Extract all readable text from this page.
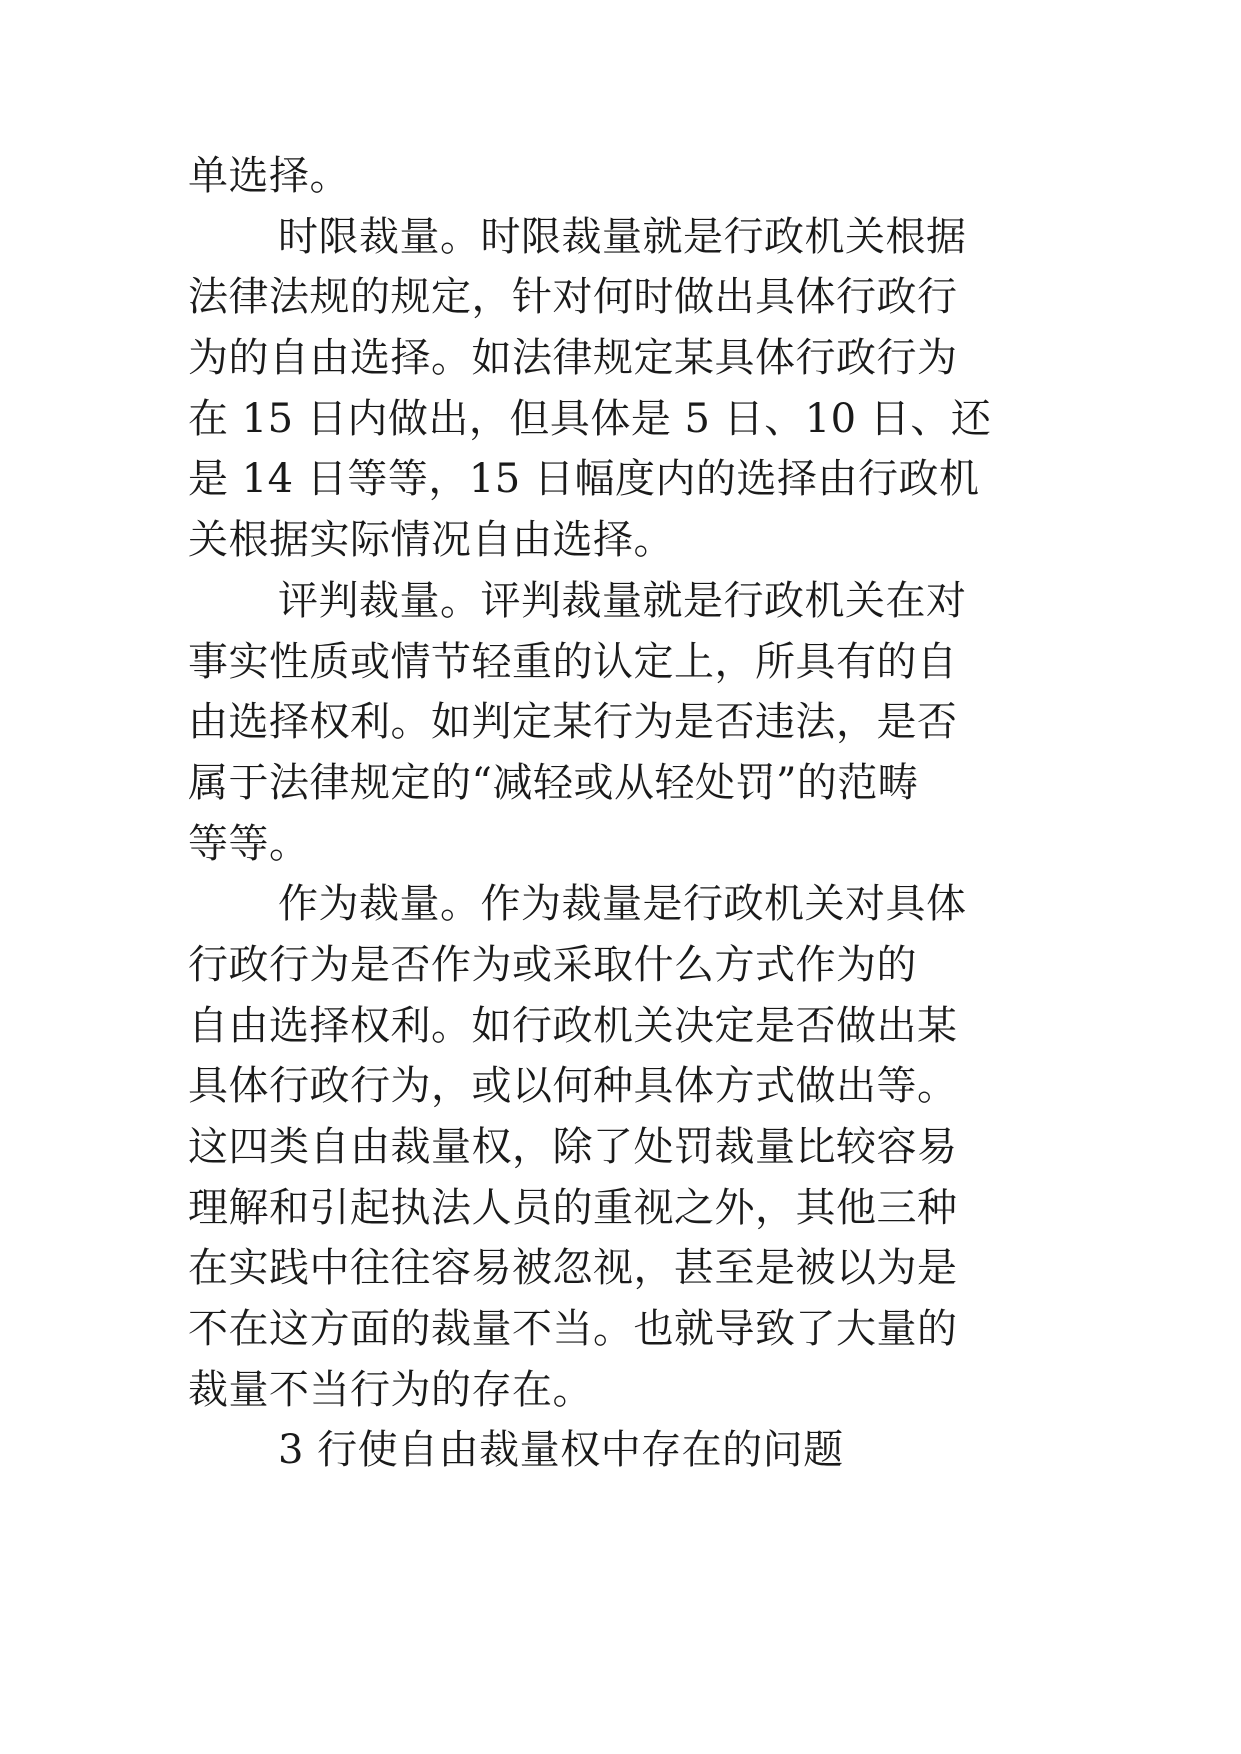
单选择。
时限裁量。时限裁量就是行政机关根据
法律法规的规定，针对何时做出具体行政行
为的自由选择。如法律规定某具体行政行为
在 15 日内做出，但具体是 5 日、10 日、还
是 14 日等等，15 日幅度内的选择由行政机
关根据实际情况自由选择。
评判裁量。评判裁量就是行政机关在对
事实性质或情节轻重的认定上，所具有的自
由选择权利。如判定某行为是否违法，是否
属于法律规定的“减轻或从轻处罚”的范畴
等等。
作为裁量。作为裁量是行政机关对具体
行政行为是否作为或采取什么方式作为的
自由选择权利。如行政机关决定是否做出某
具体行政行为，或以何种具体方式做出等。
这四类自由裁量权，除了处罚裁量比较容易
理解和引起执法人员的重视之外，其他三种
在实践中往往容易被忽视，甚至是被以为是
不在这方面的裁量不当。也就导致了大量的
裁量不当行为的存在。
3 行使自由裁量权中存在的问题
